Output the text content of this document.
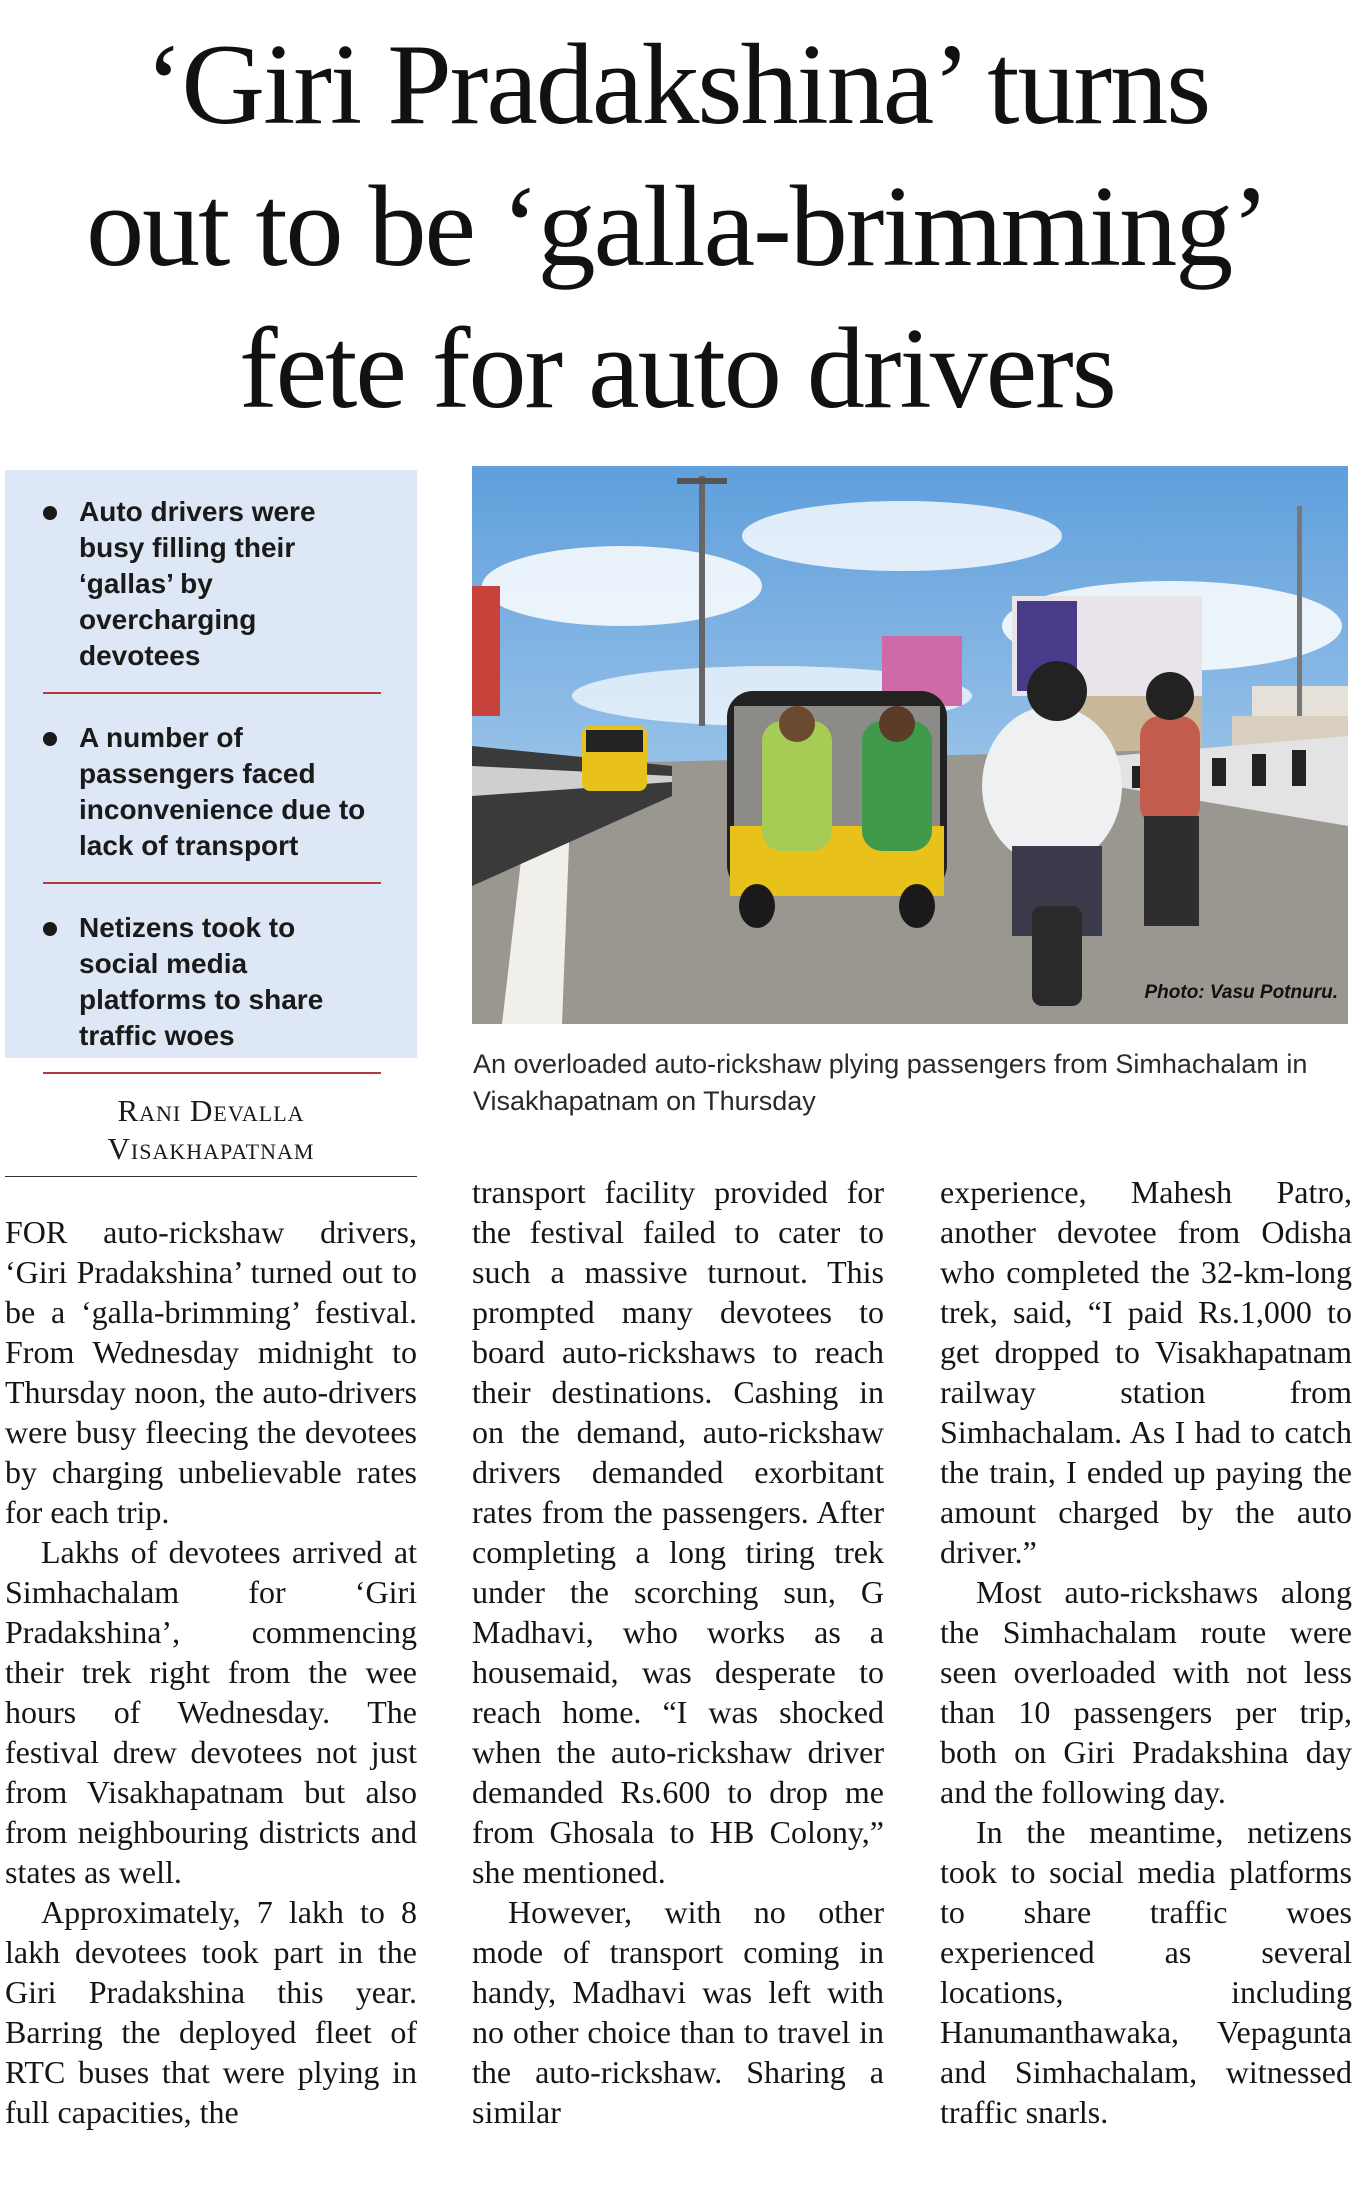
‘Giri Pradakshina’ turns
out to be ‘galla-brimming’
fete for auto drivers
Auto drivers were busy filling their ‘gallas’ by overcharging devotees
A number of passengers faced inconvenience due to lack of transport
Netizens took to social media platforms to share traffic woes
Photo: Vasu Potnuru.

An overloaded auto-rickshaw plying passengers from Simhachalam in Visakhapatnam on Thursday

Rani Devalla
Visakhapatnam

FOR auto-rickshaw drivers, ‘Giri Pradakshina’ turned out to be a ‘galla-brimming’ festival. From Wednesday midnight to Thursday noon, the auto-drivers were busy fleecing the devotees by charging unbelievable rates for each trip.

Lakhs of devotees arrived at Simhachalam for ‘Giri Pradakshina’, commencing their trek right from the wee hours of Wednesday. The festival drew devotees not just from Visakhapatnam but also from neighbouring districts and states as well.

Approximately, 7 lakh to 8 lakh devotees took part in the Giri Pradakshina this year. Barring the deployed fleet of RTC buses that were plying in full capacities, the

transport facility provided for the festival failed to cater to such a massive turnout. This prompted many devotees to board auto-rickshaws to reach their destinations. Cashing in on the demand, auto-rickshaw drivers demanded exorbitant rates from the passengers. After completing a long tiring trek under the scorching sun, G Madhavi, who works as a housemaid, was desperate to reach home. “I was shocked when the auto-rickshaw driver demanded Rs.600 to drop me from Ghosala to HB Colony,” she mentioned.

However, with no other mode of transport coming in handy, Madhavi was left with no other choice than to travel in the auto-rickshaw. Sharing a similar

experience, Mahesh Patro, another devotee from Odisha who completed the 32-km-long trek, said, “I paid Rs.1,000 to get dropped to Visakhapatnam railway station from Simhachalam. As I had to catch the train, I ended up paying the amount charged by the auto driver.”

Most auto-rickshaws along the Simhachalam route were seen overloaded with not less than 10 passengers per trip, both on Giri Pradakshina day and the following day.

In the meantime, netizens took to social media platforms to share traffic woes experienced as several locations, including Hanumanthawaka, Vepagunta and Simhachalam, witnessed traffic snarls.
